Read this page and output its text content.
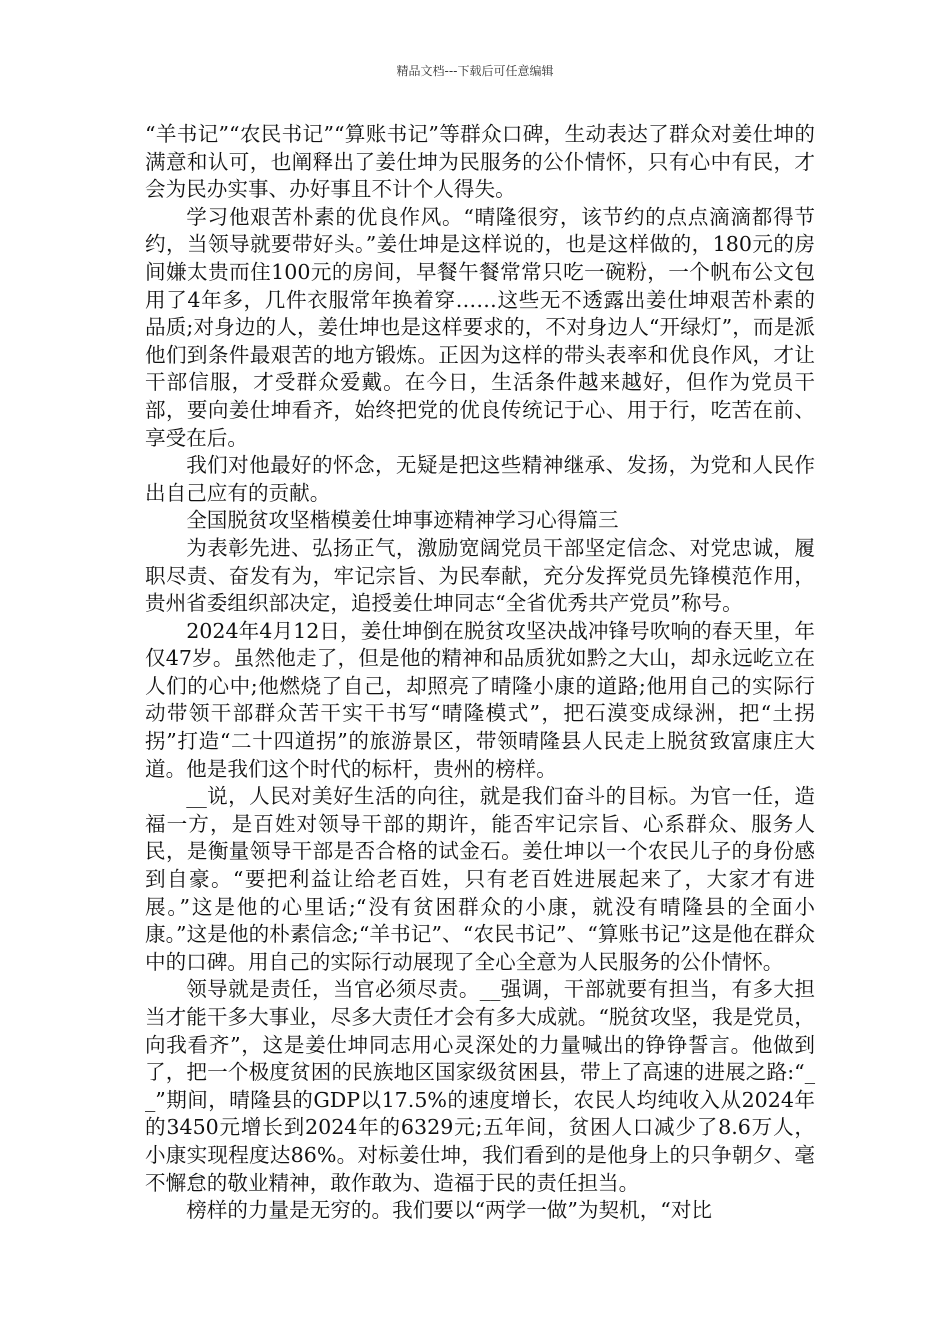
精品文档---下载后可任意编辑

“羊书记”“农民书记”“算账书记”等群众口碑，生动表达了群众对姜仕坤的满意和认可，也阐释出了姜仕坤为民服务的公仆情怀，只有心中有民，才会为民办实事、办好事且不计个人得失。

学习他艰苦朴素的优良作风。“晴隆很穷，该节约的点点滴滴都得节约，当领导就要带好头。”姜仕坤是这样说的，也是这样做的，180元的房间嫌太贵而住100元的房间，早餐午餐常常只吃一碗粉，一个帆布公文包用了4年多，几件衣服常年换着穿……这些无不透露出姜仕坤艰苦朴素的品质;对身边的人，姜仕坤也是这样要求的，不对身边人“开绿灯”，而是派他们到条件最艰苦的地方锻炼。正因为这样的带头表率和优良作风，才让干部信服，才受群众爱戴。在今日，生活条件越来越好，但作为党员干部，要向姜仕坤看齐，始终把党的优良传统记于心、用于行，吃苦在前、享受在后。

我们对他最好的怀念，无疑是把这些精神继承、发扬，为党和人民作出自己应有的贡献。

全国脱贫攻坚楷模姜仕坤事迹精神学习心得篇三

为表彰先进、弘扬正气，激励宽阔党员干部坚定信念、对党忠诚，履职尽责、奋发有为，牢记宗旨、为民奉献，充分发挥党员先锋模范作用，贵州省委组织部决定，追授姜仕坤同志“全省优秀共产党员”称号。

2024年4月12日，姜仕坤倒在脱贫攻坚决战冲锋号吹响的春天里，年仅47岁。虽然他走了，但是他的精神和品质犹如黔之大山，却永远屹立在人们的心中;他燃烧了自己，却照亮了晴隆小康的道路;他用自己的实际行动带领干部群众苦干实干书写“晴隆模式”，把石漠变成绿洲，把“土拐拐”打造“二十四道拐”的旅游景区，带领晴隆县人民走上脱贫致富康庄大道。他是我们这个时代的标杆，贵州的榜样。

__说，人民对美好生活的向往，就是我们奋斗的目标。为官一任，造福一方，是百姓对领导干部的期许，能否牢记宗旨、心系群众、服务人民，是衡量领导干部是否合格的试金石。姜仕坤以一个农民儿子的身份感到自豪。“要把利益让给老百姓，只有老百姓进展起来了，大家才有进展。”这是他的心里话;“没有贫困群众的小康，就没有晴隆县的全面小康。”这是他的朴素信念;“羊书记”、“农民书记”、“算账书记”这是他在群众中的口碑。用自己的实际行动展现了全心全意为人民服务的公仆情怀。

领导就是责任，当官必须尽责。__强调，干部就要有担当，有多大担当才能干多大事业，尽多大责任才会有多大成就。“脱贫攻坚，我是党员，向我看齐”，这是姜仕坤同志用心灵深处的力量喊出的铮铮誓言。他做到了，把一个极度贫困的民族地区国家级贫困县，带上了高速的进展之路:“__”期间，晴隆县的GDP以17.5%的速度增长，农民人均纯收入从2024年的3450元增长到2024年的6329元;五年间，贫困人口减少了8.6万人，小康实现程度达86%。对标姜仕坤，我们看到的是他身上的只争朝夕、毫不懈怠的敬业精神，敢作敢为、造福于民的责任担当。

榜样的力量是无穷的。我们要以“两学一做”为契机，“对比
